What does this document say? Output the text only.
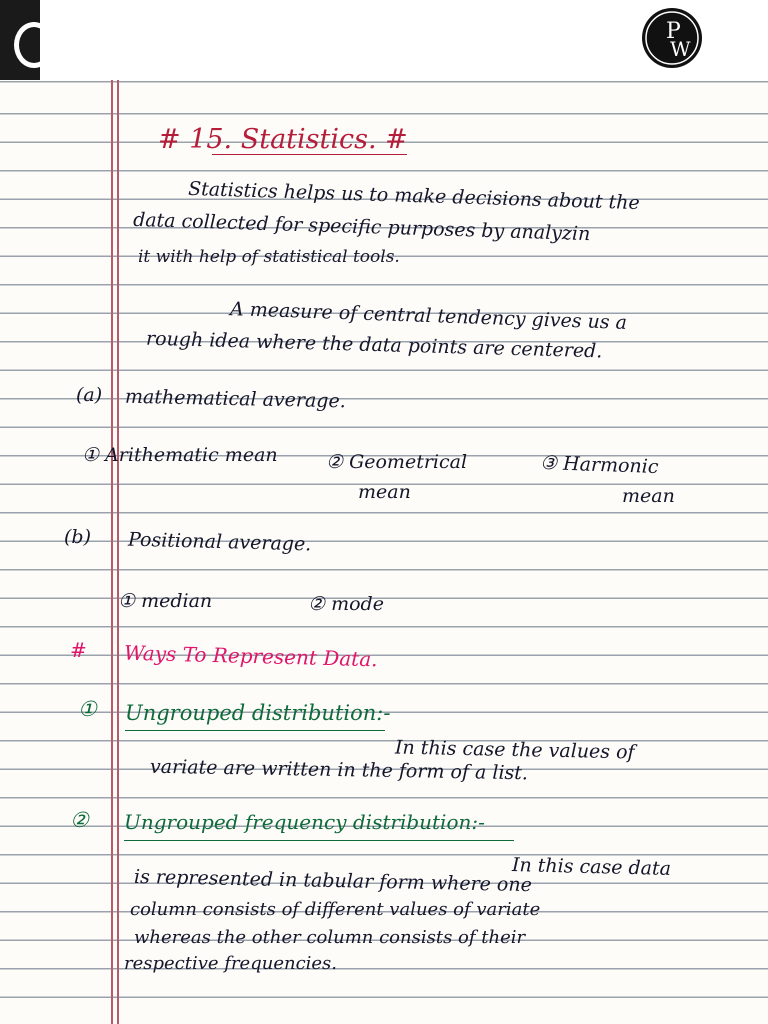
P
W
# 15. Statistics. #
Statistics helps us to make decisions about the
data collected for specific purposes by analyzin
it with help of statistical tools.
A measure of central tendency gives us a
rough idea where the data points are centered.
(a) mathematical average.
① Arithematic mean	② Geometrical
mean
③ Harmonic
mean
(b) Positional average.
① median	② mode
# Ways To Represent Data.
① Ungrouped distribution:-
In this case the values of
variate are written in the form of a list.
② Ungrouped frequency distribution:-
In this case data
is represented in tabular form where one
column consists of different values of variate
whereas the other column consists of their
respective frequencies.
